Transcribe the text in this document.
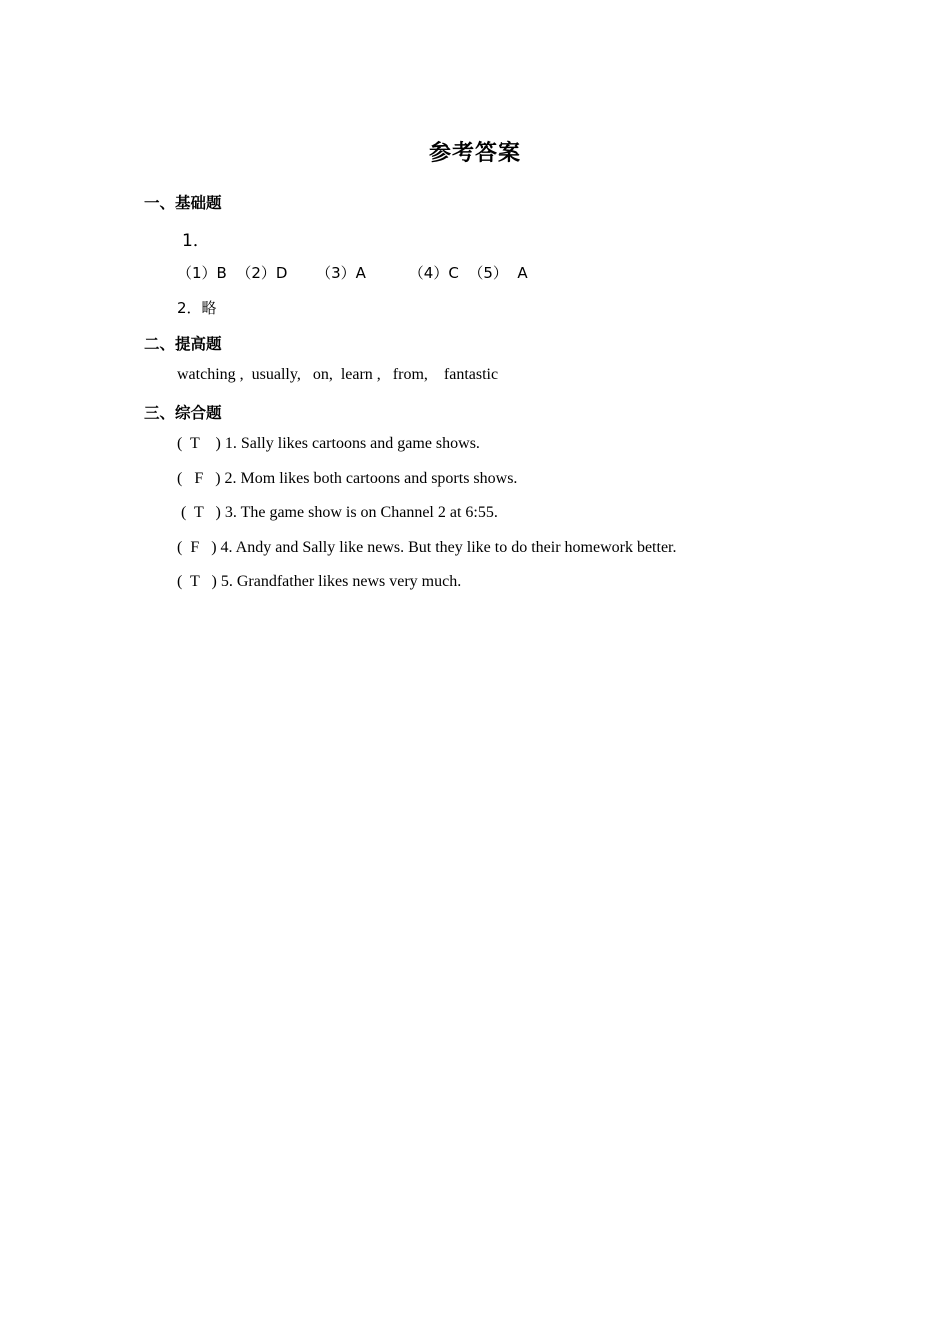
参考答案
一、基础题
1．
（1）B  （2）D      （3）A         （4）C  （5）  A
2．略
二、提高题
watching ,  usually,   on,  learn ,   from,    fantastic
三、综合题
(  T    ) 1. Sally likes cartoons and game shows.
(   F   ) 2. Mom likes both cartoons and sports shows.
(  T   ) 3. The game show is on Channel 2 at 6:55.
(  F   ) 4. Andy and Sally like news. But they like to do their homework better.
(  T   ) 5. Grandfather likes news very much.
